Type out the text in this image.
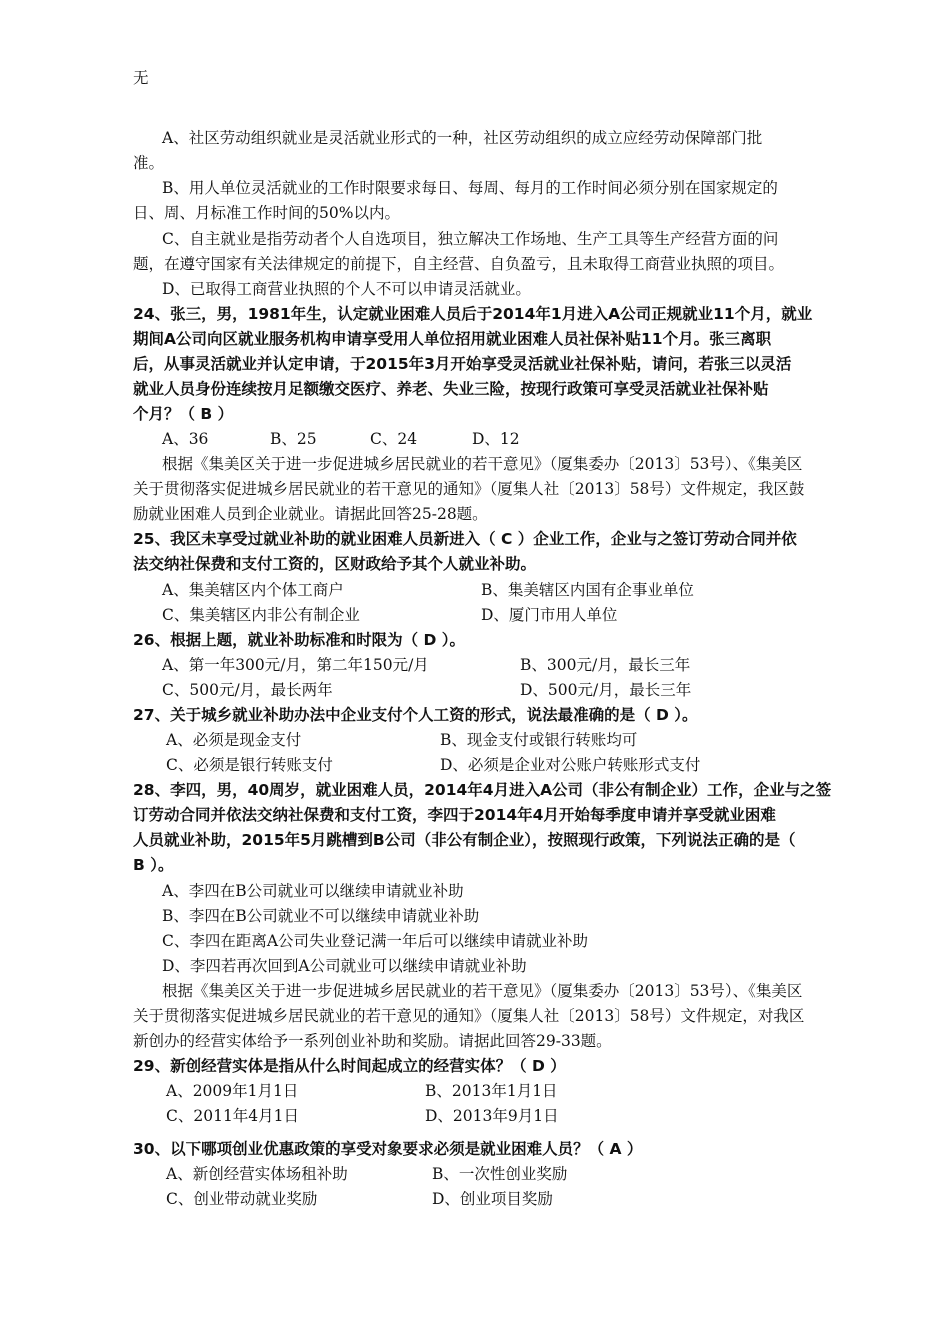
无
A、社区劳动组织就业是灵活就业形式的一种，社区劳动组织的成立应经劳动保障部门批
准。
B、用人单位灵活就业的工作时限要求每日、每周、每月的工作时间必须分别在国家规定的
日、周、月标准工作时间的50%以内。
C、自主就业是指劳动者个人自选项目，独立解决工作场地、生产工具等生产经营方面的问
题，在遵守国家有关法律规定的前提下，自主经营、自负盈亏，且未取得工商营业执照的项目。
D、已取得工商营业执照的个人不可以申请灵活就业。
24、张三，男，1981年生，认定就业困难人员后于2014年1月进入A公司正规就业11个月，就业
期间A公司向区就业服务机构申请享受用人单位招用就业困难人员社保补贴11个月。张三离职
后，从事灵活就业并认定申请，于2015年3月开始享受灵活就业社保补贴，请问，若张三以灵活
就业人员身份连续按月足额缴交医疗、养老、失业三险，按现行政策可享受灵活就业社保补贴
个月？（ B ）
A、36	B、25	C、24	D、12
根据《集美区关于进一步促进城乡居民就业的若干意见》（厦集委办〔2013〕53号）、《集美区
关于贯彻落实促进城乡居民就业的若干意见的通知》（厦集人社〔2013〕58号）文件规定，我区鼓
励就业困难人员到企业就业。请据此回答25-28题。
25、我区未享受过就业补助的就业困难人员新进入（ C ）企业工作，企业与之签订劳动合同并依
法交纳社保费和支付工资的，区财政给予其个人就业补助。
A、集美辖区内个体工商户	B、集美辖区内国有企事业单位
C、集美辖区内非公有制企业	D、厦门市用人单位
26、根据上题，就业补助标准和时限为（ D ）。
A、第一年300元/月，第二年150元/月	B、300元/月，最长三年
C、500元/月，最长两年	D、500元/月，最长三年
27、关于城乡就业补助办法中企业支付个人工资的形式，说法最准确的是（ D ）。
A、必须是现金支付	B、现金支付或银行转账均可
C、必须是银行转账支付	D、必须是企业对公账户转账形式支付
28、李四，男，40周岁，就业困难人员，2014年4月进入A公司（非公有制企业）工作，企业与之签
订劳动合同并依法交纳社保费和支付工资，李四于2014年4月开始每季度申请并享受就业困难
人员就业补助，2015年5月跳槽到B公司（非公有制企业），按照现行政策，下列说法正确的是（
B ）。
A、李四在B公司就业可以继续申请就业补助
B、李四在B公司就业不可以继续申请就业补助
C、李四在距离A公司失业登记满一年后可以继续申请就业补助
D、李四若再次回到A公司就业可以继续申请就业补助
根据《集美区关于进一步促进城乡居民就业的若干意见》（厦集委办〔2013〕53号）、《集美区
关于贯彻落实促进城乡居民就业的若干意见的通知》（厦集人社〔2013〕58号）文件规定，对我区
新创办的经营实体给予一系列创业补助和奖励。请据此回答29-33题。
29、新创经营实体是指从什么时间起成立的经营实体？（ D ）
A、2009年1月1日	B、2013年1月1日
C、2011年4月1日	D、2013年9月1日
30、以下哪项创业优惠政策的享受对象要求必须是就业困难人员？（ A ）
A、新创经营实体场租补助	B、一次性创业奖励
C、创业带动就业奖励	D、创业项目奖励
